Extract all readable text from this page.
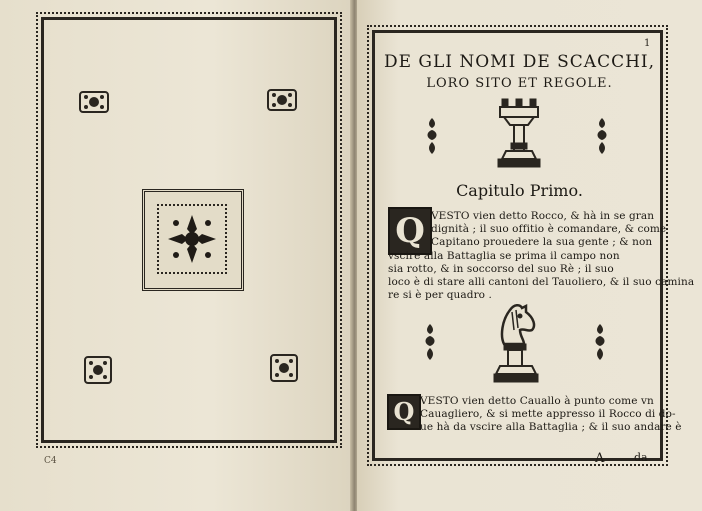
C4
1
DE GLI NOMI DE SCACCHI,
LORO SITO ET REGOLE.
Capitulo Primo.
Q VESTO vien detto Rocco, & hà in se gran
dignità ; il suo offitio è comandare, & come
Capitano prouedere la sua gente ; & non
vscire alla Battaglia se prima il campo non
sia rotto, & in soccorso del suo Rè ; il suo
loco è di stare alli cantoni del Tauoliero, & il suo camina
re si è per quadro .
Q VESTO vien detto Cauallo à punto come vn
Cauagliero, & si mette appresso il Rocco di do-
ue hà da vscire alla Battaglia ; & il suo andare è
A	da
